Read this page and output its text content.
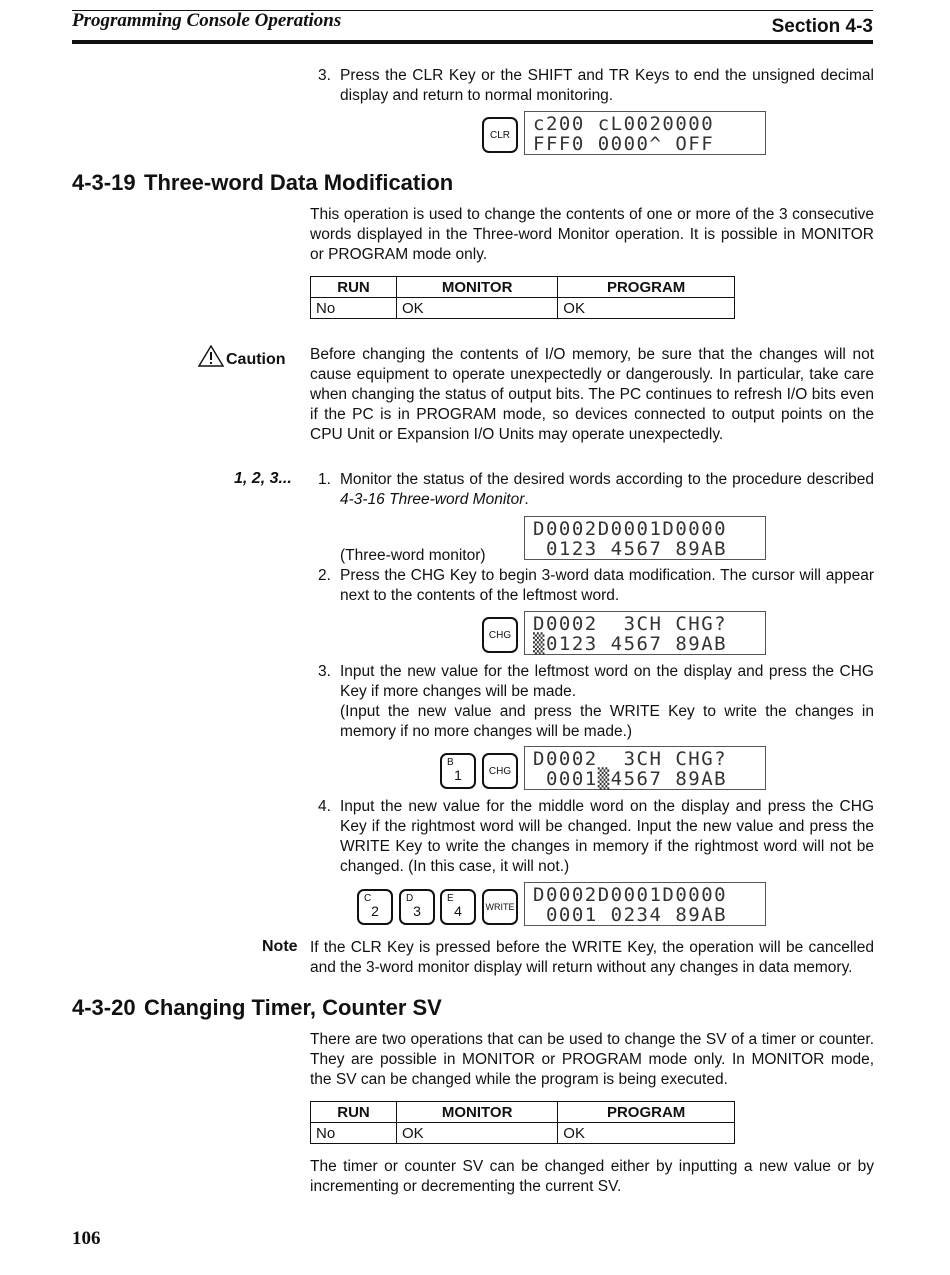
Programming Console Operations	Section 4-3
3. Press the CLR Key or the SHIFT and TR Keys to end the unsigned decimal display and return to normal monitoring.
CLR c200 cL0020000
FFF0 0000^ OFF
4-3-19 Three-word Data Modification
This operation is used to change the contents of one or more of the 3 consecutive words displayed in the Three-word Monitor operation. It is possible in MONITOR or PROGRAM mode only.
RUN	MONITOR	PROGRAM
No	OK	OK
Caution Before changing the contents of I/O memory, be sure that the changes will not cause equipment to operate unexpectedly or dangerously. In particular, take care when changing the status of output bits. The PC continues to refresh I/O bits even if the PC is in PROGRAM mode, so devices connected to output points on the CPU Unit or Expansion I/O Units may operate unexpectedly.
1, 2, 3... 1. Monitor the status of the desired words according to the procedure described 4-3-16 Three-word Monitor.
(Three-word monitor)
D0002D0001D0000
0123 4567 89AB
2. Press the CHG Key to begin 3-word data modification. The cursor will appear next to the contents of the leftmost word.
CHG D0002  3CH CHG?
▒0123 4567 89AB
3. Input the new value for the leftmost word on the display and press the CHG Key if more changes will be made.
(Input the new value and press the WRITE Key to write the changes in memory if no more changes will be made.)
B
1	CHG
D0002  3CH CHG?
0001▒4567 89AB
4. Input the new value for the middle word on the display and press the CHG Key if the rightmost word will be changed. Input the new value and press the WRITE Key to write the changes in memory if the rightmost word will not be changed. (In this case, it will not.)
C
2
D
3
E
4	WRITE
D0002D0001D0000
0001 0234 89AB
Note If the CLR Key is pressed before the WRITE Key, the operation will be cancelled and the 3-word monitor display will return without any changes in data memory.
4-3-20 Changing Timer, Counter SV
There are two operations that can be used to change the SV of a timer or counter. They are possible in MONITOR or PROGRAM mode only. In MONITOR mode, the SV can be changed while the program is being executed.
RUN	MONITOR	PROGRAM
No	OK	OK
The timer or counter SV can be changed either by inputting a new value or by incrementing or decrementing the current SV.
106
